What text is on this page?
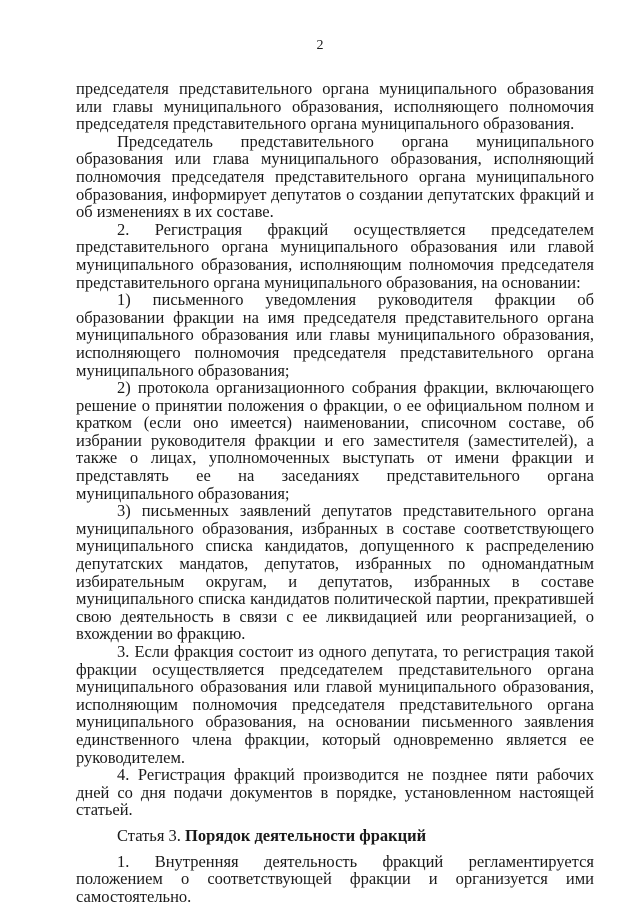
2

председателя представительного органа муниципального образования или главы муниципального образования, исполняющего полномочия председателя представительного органа муниципального образования.

Председатель представительного органа муниципального образования или глава муниципального образования, исполняющий полномочия председателя представительного органа муниципального образования, информирует депутатов о создании депутатских фракций и об изменениях в их составе.

2. Регистрация фракций осуществляется председателем представительного органа муниципального образования или главой муниципального образования, исполняющим полномочия председателя представительного органа муниципального образования, на основании:

1) письменного уведомления руководителя фракции об образовании фракции на имя председателя представительного органа муниципального образования или главы муниципального образования, исполняющего полномочия председателя представительного органа муниципального образования;

2) протокола организационного собрания фракции, включающего решение о принятии положения о фракции, о ее официальном полном и кратком (если оно имеется) наименовании, списочном составе, об избрании руководителя фракции и его заместителя (заместителей), а также о лицах, уполномоченных выступать от имени фракции и представлять ее на заседаниях представительного органа муниципального образования;

3) письменных заявлений депутатов представительного органа муниципального образования, избранных в составе соответствующего муниципального списка кандидатов, допущенного к распределению депутатских мандатов, депутатов, избранных по одномандатным избирательным округам, и депутатов, избранных в составе муниципального списка кандидатов политической партии, прекратившей свою деятельность в связи с ее ликвидацией или реорганизацией, о вхождении во фракцию.

3. Если фракция состоит из одного депутата, то регистрация такой фракции осуществляется председателем представительного органа муниципального образования или главой муниципального образования, исполняющим полномочия председателя представительного органа муниципального образования, на основании письменного заявления единственного члена фракции, который одновременно является ее руководителем.

4. Регистрация фракций производится не позднее пяти рабочих дней со дня подачи документов в порядке, установленном настоящей статьей.

Статья 3. Порядок деятельности фракций

1. Внутренняя деятельность фракций регламентируется положением о соответствующей фракции и организуется ими самостоятельно.
